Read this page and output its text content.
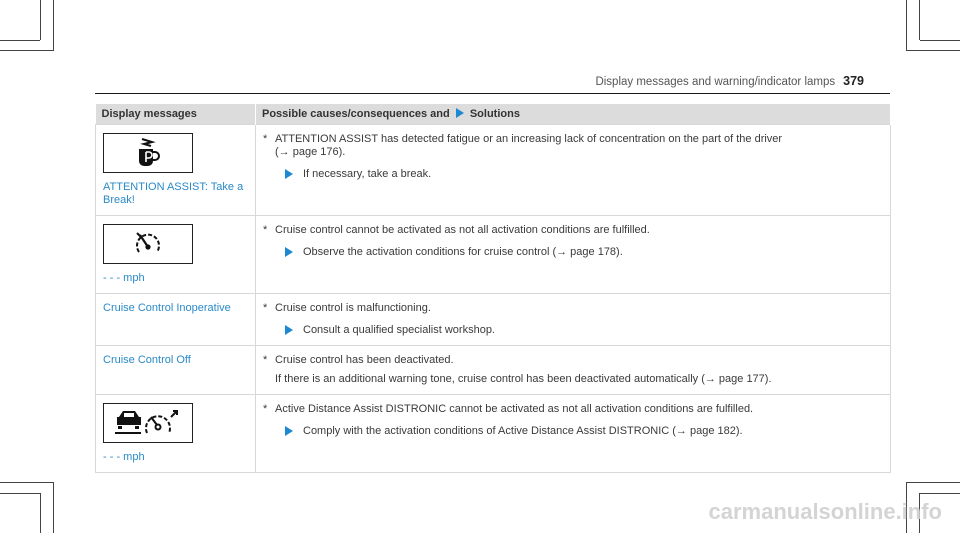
Display messages and warning/indicator lamps 379
Display messages	Possible causes/consequences and Solutions

ATTENTION ASSIST: Take a Break!	* ATTENTION ASSIST has detected fatigue or an increasing lack of concentration on the part of the driver
(→ page 176).
If necessary, take a break.

- - - mph	* Cruise control cannot be activated as not all activation conditions are fulfilled.
Observe the activation conditions for cruise control (→ page 178).

Cruise Control Inoperative	* Cruise control is malfunctioning.
Consult a qualified specialist workshop.

Cruise Control Off	* Cruise control has been deactivated.
If there is an additional warning tone, cruise control has been deactivated automatically (→ page 177).

- - - mph	* Active Distance Assist DISTRONIC cannot be activated as not all activation conditions are fulfilled.
Comply with the activation conditions of Active Distance Assist DISTRONIC (→ page 182).
carmanualsonline.info
